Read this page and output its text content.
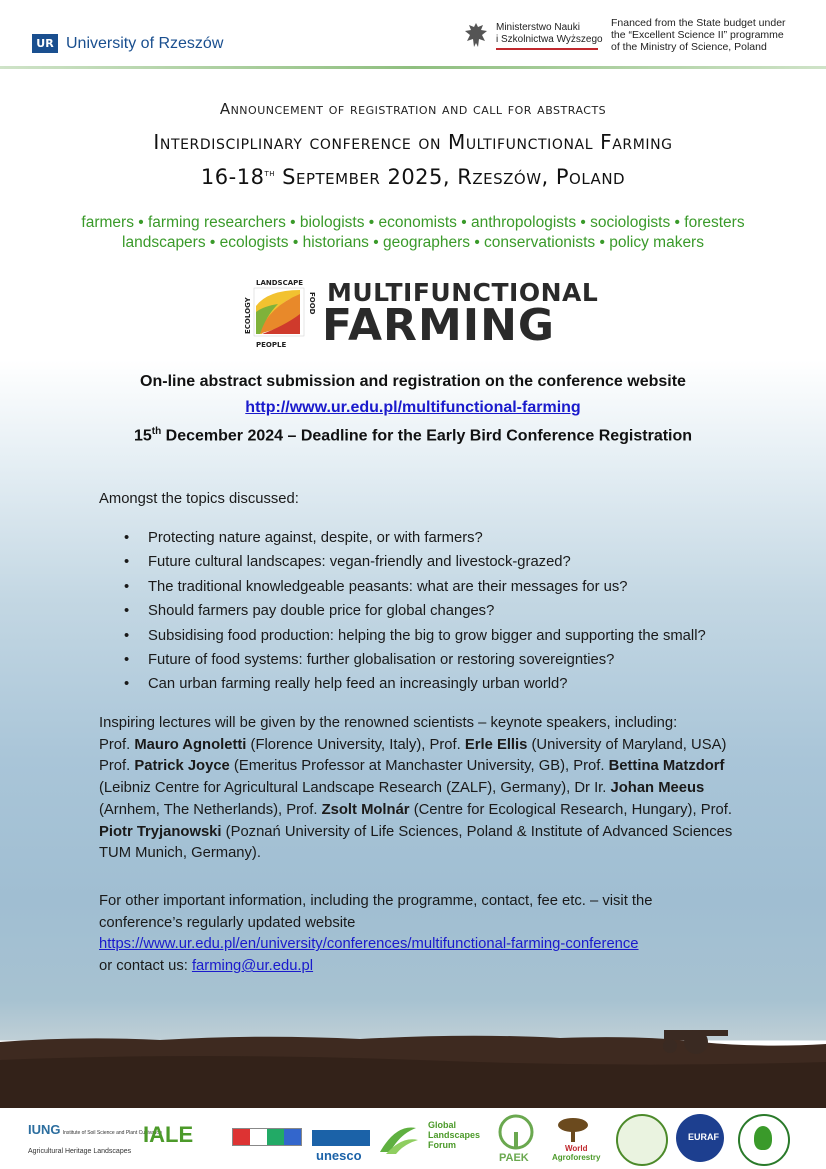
UR University of Rzeszów
Ministerstwo Nauki
i Szkolnictwa Wyższego
Fnanced from the State budget under
the “Excellent Science II” programme
of the Ministry of Science, Poland
Announcement of registration and call for abstracts
Interdisciplinary conference on Multifunctional Farming
16-18th September 2025, Rzeszów, Poland
farmers • farming researchers • biologists • economists • anthropologists • sociologists • foresters
landscapers • ecologists • historians • geographers • conservationists • policy makers
LANDSCAPE
FOOD
ECOLOGY
PEOPLE
MULTIFUNCTIONAL
FARMING
On-line abstract submission and registration on the conference website
http://www.ur.edu.pl/multifunctional-farming
15th December 2024 – Deadline for the Early Bird Conference Registration
Amongst the topics discussed:
• Protecting nature against, despite, or with farmers?
• Future cultural landscapes: vegan-friendly and livestock-grazed?
• The traditional knowledgeable peasants: what are their messages for us?
• Should farmers pay double price for global changes?
• Subsidising food production: helping the big to grow bigger and supporting the small?
• Future of food systems: further globalisation or restoring sovereignties?
• Can urban farming really help feed an increasingly urban world?
Inspiring lectures will be given by the renowned scientists – keynote speakers, including:
Prof. Mauro Agnoletti (Florence University, Italy), Prof. Erle Ellis (University of Maryland, USA) Prof. Patrick Joyce (Emeritus Professor at Manchaster University, GB), Prof. Bettina Matzdorf (Leibniz Centre for Agricultural Landscape Research (ZALF), Germany), Dr Ir. Johan Meeus (Arnhem, The Netherlands), Prof. Zsolt Molnár (Centre for Ecological Research, Hungary), Prof. Piotr Tryjanowski (Poznań University of Life Sciences, Poland & Institute of Advanced Sciences TUM Munich, Germany).
For other important information, including the programme, contact, fee etc. – visit the conference’s regularly updated website
https://www.ur.edu.pl/en/university/conferences/multifunctional-farming-conference
or contact us: farming@ur.edu.pl
IUNG Institute of Soil Science and Plant Cultivation
Agricultural Heritage Landscapes
IALE
unesco
Global
Landscapes
Forum
PAEK
World
Agroforestry
EURAF
